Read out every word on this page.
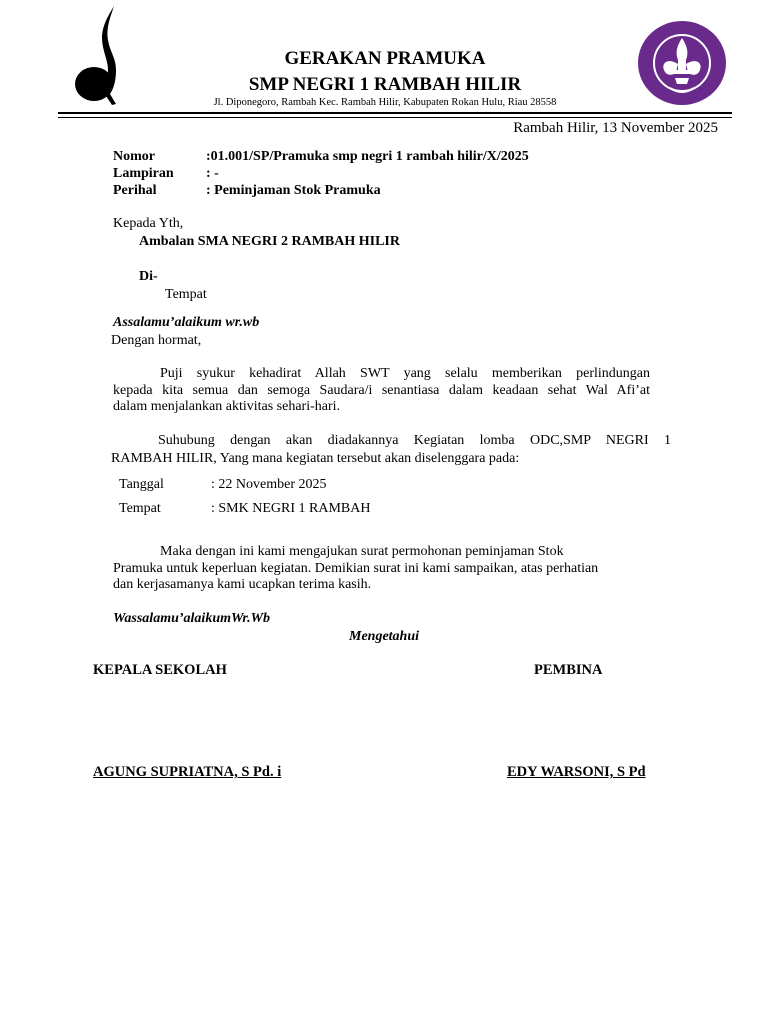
GERAKAN PRAMUKA
SMP NEGRI 1 RAMBAH HILIR
Jl. Diponegoro, Rambah Kec. Rambah Hilir, Kabupaten Rokan Hulu, Riau 28558
Rambah Hilir, 13 November 2025
Nomor	:01.001/SP/Pramuka smp negri 1 rambah hilir/X/2025
Lampiran : -
Perihal	: Peminjaman Stok Pramuka
Kepada Yth,
Ambalan SMA NEGRI 2 RAMBAH HILIR
Di-
Tempat
Assalamu’alaikum wr.wb
Dengan hormat,
Puji syukur kehadirat Allah SWT yang selalu memberikan perlindungan
kepada kita semua dan semoga Saudara/i senantiasa dalam keadaan sehat Wal Afi’at
dalam menjalankan aktivitas sehari-hari.
Suhubung dengan akan diadakannya Kegiatan lomba ODC,SMP NEGRI 1
RAMBAH HILIR, Yang mana kegiatan tersebut akan diselenggara pada:
Tanggal	: 22 November 2025
Tempat	: SMK NEGRI 1 RAMBAH
Maka dengan ini kami mengajukan surat permohonan peminjaman Stok
Pramuka untuk keperluan kegiatan. Demikian surat ini kami sampaikan, atas perhatian
dan kerjasamanya kami ucapkan terima kasih.
Wassalamu’alaikumWr.Wb
Mengetahui
KEPALA SEKOLAH	PEMBINA
AGUNG SUPRIATNA, S Pd. i	EDY WARSONI, S Pd
